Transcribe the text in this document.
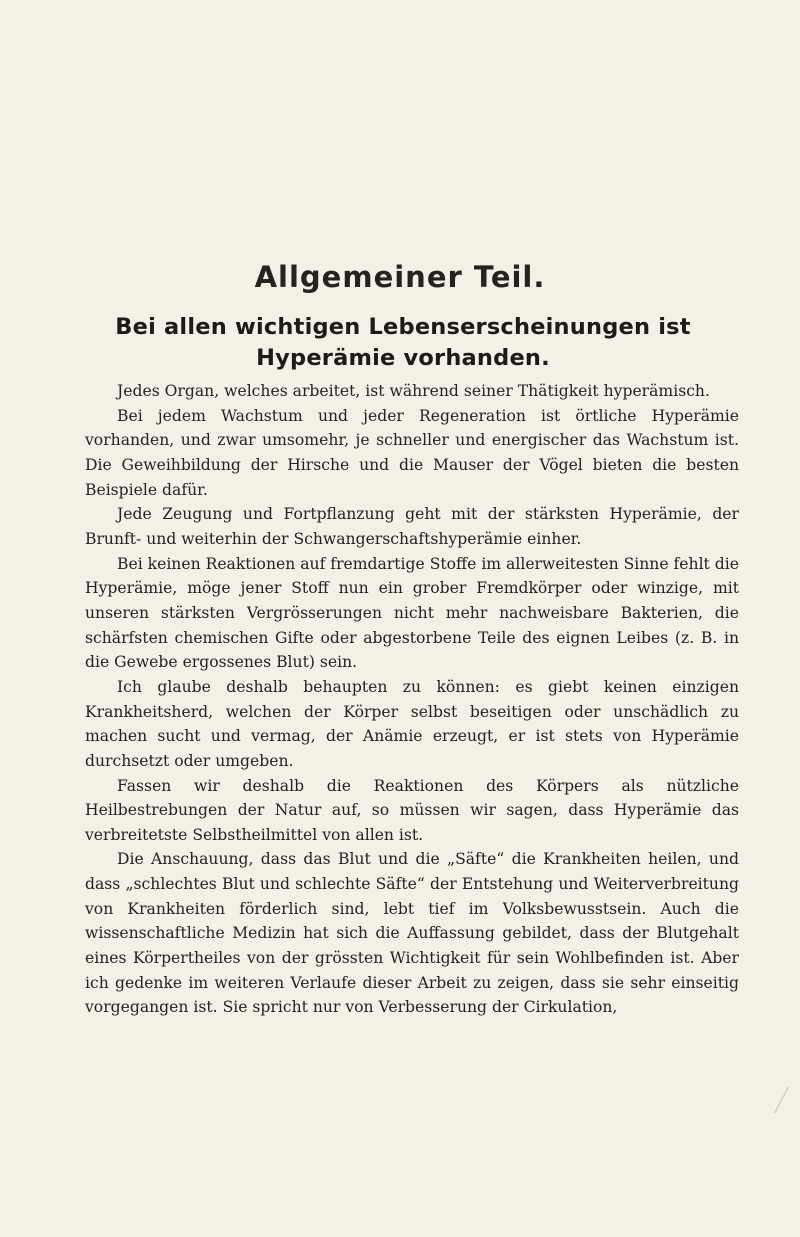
Allgemeiner Teil.
Bei allen wichtigen Lebenserscheinungen ist Hyperämie vorhanden.

Jedes Organ, welches arbeitet, ist während seiner Thätigkeit hyperämisch.

Bei jedem Wachstum und jeder Regeneration ist örtliche Hyperämie vorhanden, und zwar umsomehr, je schneller und energischer das Wachstum ist. Die Geweihbildung der Hirsche und die Mauser der Vögel bieten die besten Beispiele dafür.

Jede Zeugung und Fortpflanzung geht mit der stärksten Hyperämie, der Brunft- und weiterhin der Schwangerschaftshyperämie einher.

Bei keinen Reaktionen auf fremdartige Stoffe im allerweitesten Sinne fehlt die Hyperämie, möge jener Stoff nun ein grober Fremdkörper oder winzige, mit unseren stärksten Vergrösserungen nicht mehr nachweisbare Bakterien, die schärfsten chemischen Gifte oder abgestorbene Teile des eignen Leibes (z. B. in die Gewebe ergossenes Blut) sein.

Ich glaube deshalb behaupten zu können: es giebt keinen einzigen Krankheitsherd, welchen der Körper selbst beseitigen oder unschädlich zu machen sucht und vermag, der Anämie erzeugt, er ist stets von Hyperämie durchsetzt oder umgeben.

Fassen wir deshalb die Reaktionen des Körpers als nützliche Heilbestrebungen der Natur auf, so müssen wir sagen, dass Hyperämie das verbreitetste Selbstheilmittel von allen ist.

Die Anschauung, dass das Blut und die „Säfte“ die Krankheiten heilen, und dass „schlechtes Blut und schlechte Säfte“ der Entstehung und Weiterverbreitung von Krankheiten förderlich sind, lebt tief im Volksbewusstsein. Auch die wissenschaftliche Medizin hat sich die Auffassung gebildet, dass der Blutgehalt eines Körpertheiles von der grössten Wichtigkeit für sein Wohlbefinden ist. Aber ich gedenke im weiteren Verlaufe dieser Arbeit zu zeigen, dass sie sehr einseitig vorgegangen ist. Sie spricht nur von Verbesserung der Cirkulation,
